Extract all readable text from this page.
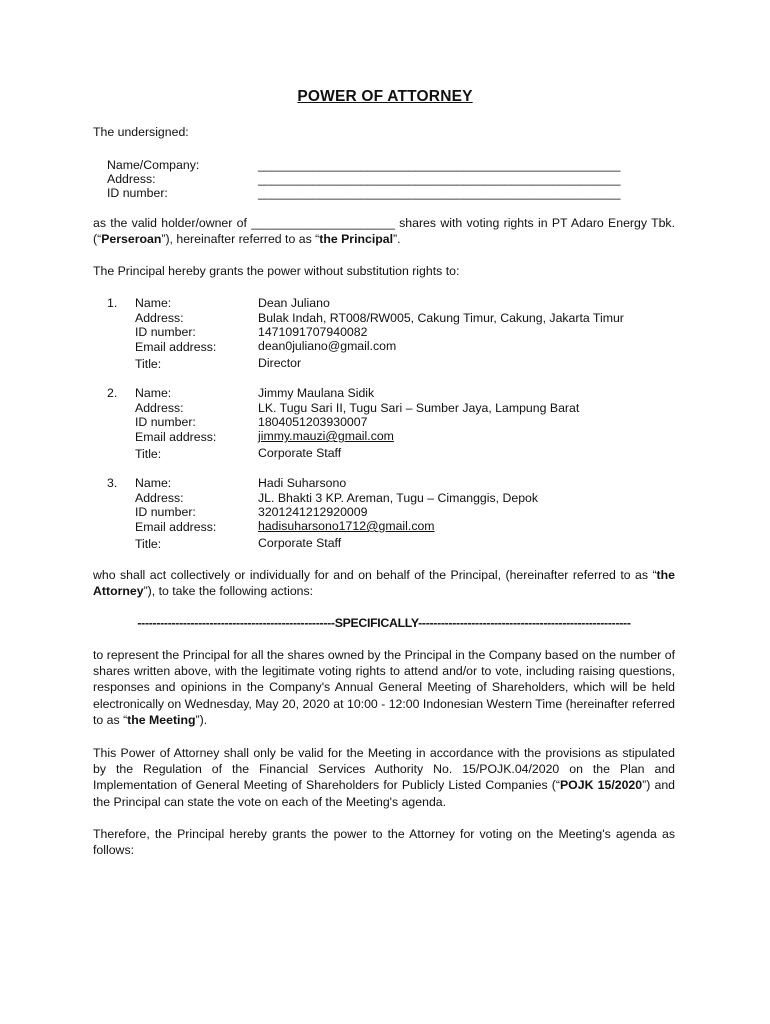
POWER OF ATTORNEY
The undersigned:
Name/Company:
Address:
ID number:
_____________________________________________________
_____________________________________________________
_____________________________________________________
as the valid holder/owner of _____________________ shares with voting rights in PT Adaro Energy Tbk. (“Perseroan”), hereinafter referred to as “the Principal”.
The Principal hereby grants the power without substitution rights to:
1. Name:
Address:
ID number:
Email address:
Title:
Dean Juliano
Bulak Indah, RT008/RW005, Cakung Timur, Cakung, Jakarta Timur
1471091707940082
dean0juliano@gmail.com
Director
2. Name:
Address:
ID number:
Email address:
Title:
Jimmy Maulana Sidik
LK. Tugu Sari II, Tugu Sari – Sumber Jaya, Lampung Barat
1804051203930007
jimmy.mauzi@gmail.com
Corporate Staff
3. Name:
Address:
ID number:
Email address:
Title:
Hadi Suharsono
JL. Bhakti 3 KP. Areman, Tugu – Cimanggis, Depok
3201241212920009
hadisuharsono1712@gmail.com
Corporate Staff
who shall act collectively or individually for and on behalf of the Principal, (hereinafter referred to as “the Attorney”), to take the following actions:
----------------------------------------------------SPECIFICALLY--------------------------------------------------------
to represent the Principal for all the shares owned by the Principal in the Company based on the number of shares written above, with the legitimate voting rights to attend and/or to vote, including raising questions, responses and opinions in the Company's Annual General Meeting of Shareholders, which will be held electronically on Wednesday, May 20, 2020 at 10:00 - 12:00 Indonesian Western Time (hereinafter referred to as “the Meeting”).
This Power of Attorney shall only be valid for the Meeting in accordance with the provisions as stipulated by the Regulation of the Financial Services Authority No. 15/POJK.04/2020 on the Plan and Implementation of General Meeting of Shareholders for Publicly Listed Companies (“POJK 15/2020”) and the Principal can state the vote on each of the Meeting's agenda.
Therefore, the Principal hereby grants the power to the Attorney for voting on the Meeting's agenda as follows:
